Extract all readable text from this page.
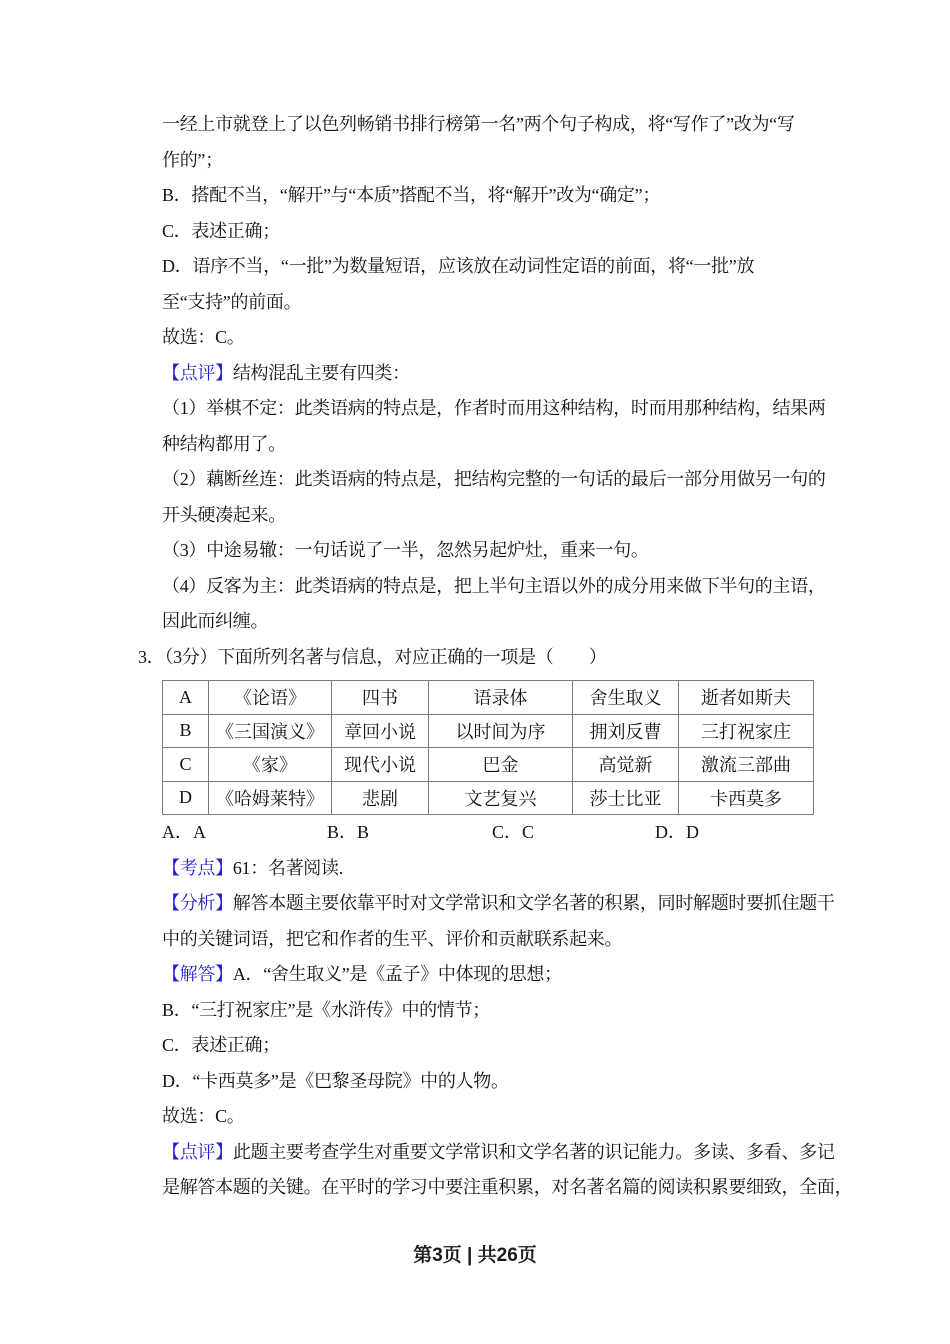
一经上市就登上了以色列畅销书排行榜第一名”两个句子构成，将“写作了”改为“写
作的”；
B．搭配不当，“解开”与“本质”搭配不当，将“解开”改为“确定”；
C．表述正确；
D．语序不当，“一批”为数量短语，应该放在动词性定语的前面，将“一批”放
至“支持”的前面。
故选：C。
【点评】结构混乱主要有四类：
（1）举棋不定：此类语病的特点是，作者时而用这种结构，时而用那种结构，结果两
种结构都用了。
（2）藕断丝连：此类语病的特点是，把结构完整的一句话的最后一部分用做另一句的
开头硬凑起来。
（3）中途易辙：一句话说了一半，忽然另起炉灶，重来一句。
（4）反客为主：此类语病的特点是，把上半句主语以外的成分用来做下半句的主语，
因此而纠缠。
3．（3分）下面所列名著与信息，对应正确的一项是（　　）
A	《论语》	四书	语录体	舍生取义	逝者如斯夫
B	《三国演义》	章回小说	以时间为序	拥刘反曹	三打祝家庄
C	《家》	现代小说	巴金	高觉新	激流三部曲
D	《哈姆莱特》	悲剧	文艺复兴	莎士比亚	卡西莫多
A．A	B．B	C．C	D．D
【考点】61：名著阅读.
【分析】解答本题主要依靠平时对文学常识和文学名著的积累，同时解题时要抓住题干
中的关键词语，把它和作者的生平、评价和贡献联系起来。
【解答】A．“舍生取义”是《孟子》中体现的思想；
B．“三打祝家庄”是《水浒传》中的情节；
C．表述正确；
D．“卡西莫多”是《巴黎圣母院》中的人物。
故选：C。
【点评】此题主要考查学生对重要文学常识和文学名著的识记能力。多读、多看、多记
是解答本题的关键。在平时的学习中要注重积累，对名著名篇的阅读积累要细致，全面，
第3页 | 共26页
